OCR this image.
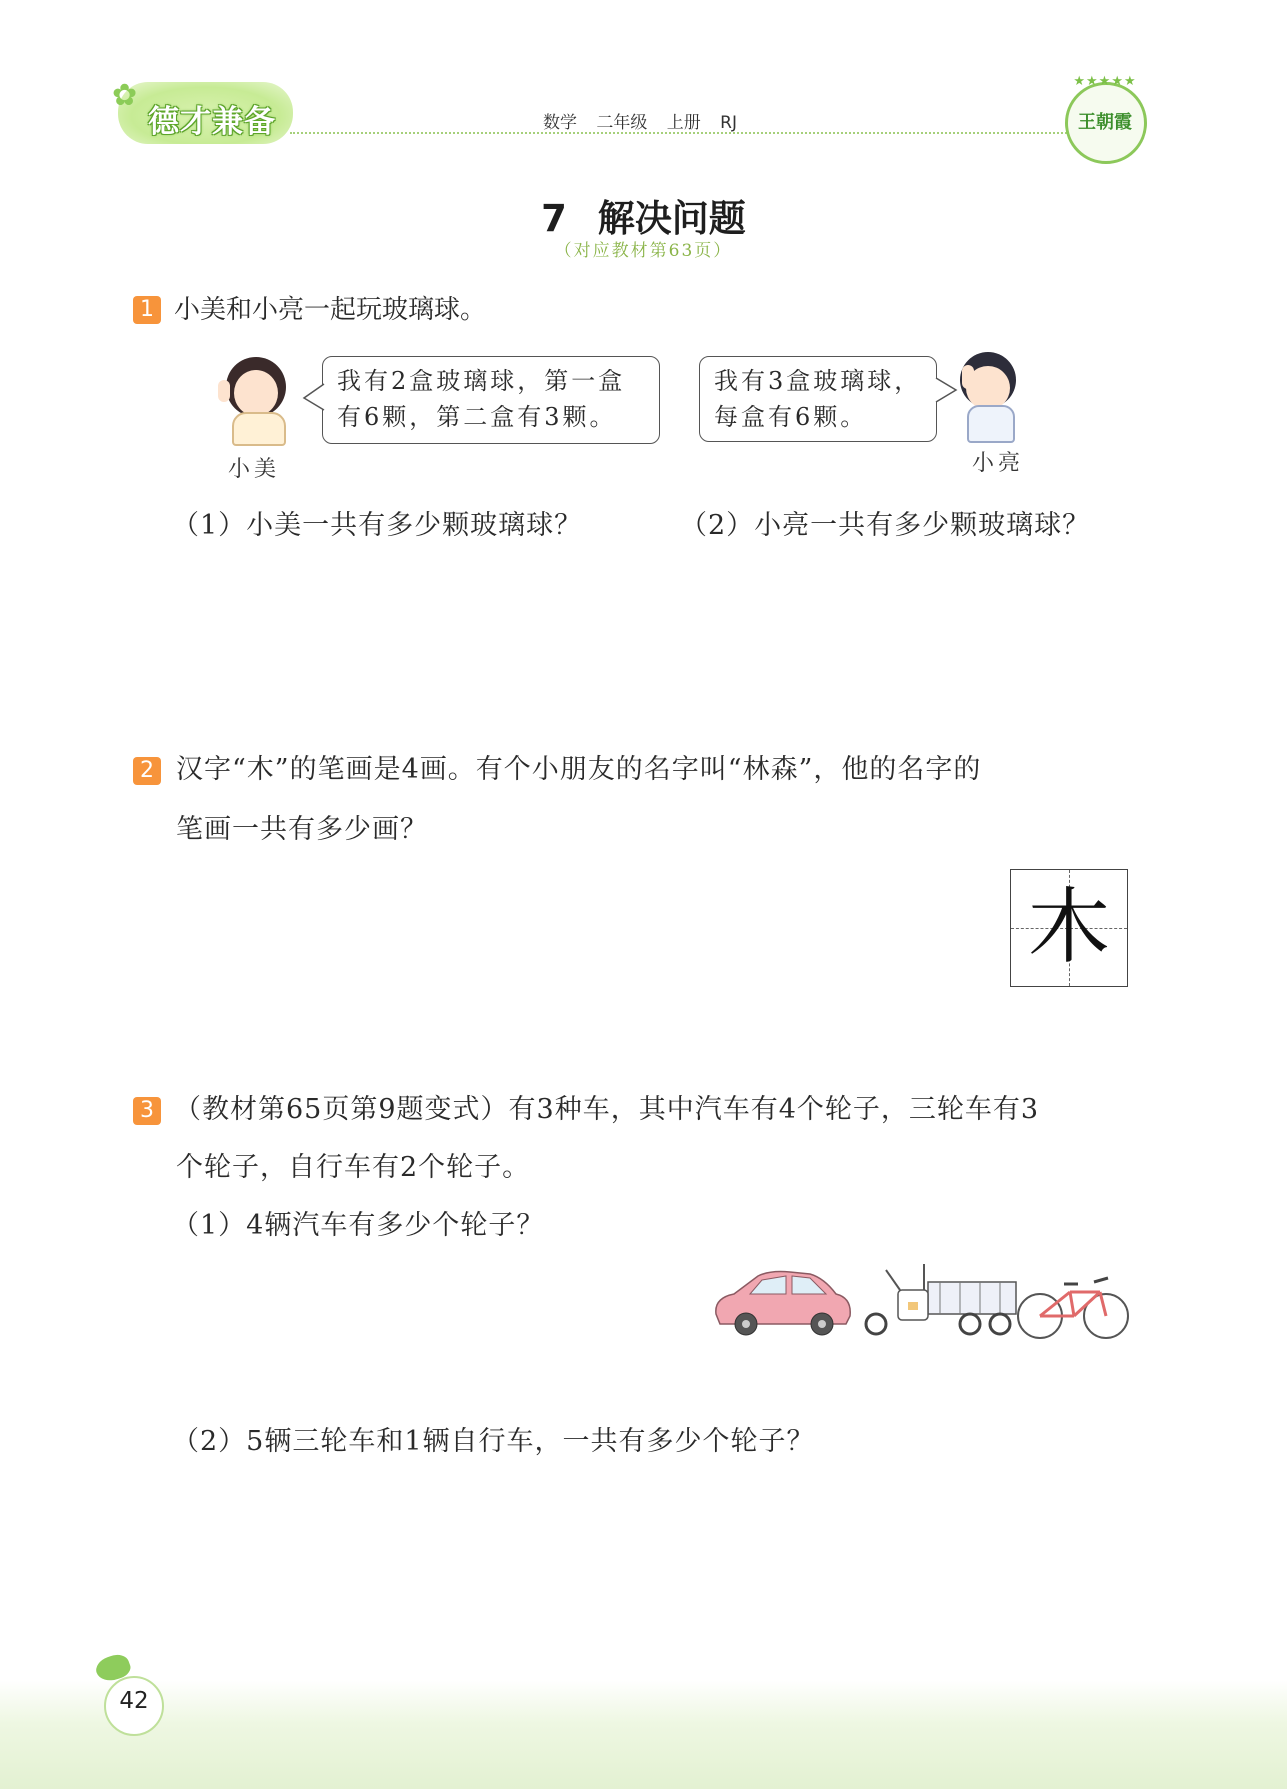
✿
德才兼备	数学 二年级 上册 RJ
★★★★★
王朝霞
7 解决问题
（对应教材第63页）
1 小美和小亮一起玩玻璃球。
小美
我有2盒玻璃球，第一盒
有6颗，第二盒有3颗。
我有3盒玻璃球，
每盒有6颗。
小亮
（1）小美一共有多少颗玻璃球？	（2）小亮一共有多少颗玻璃球？
2 汉字“木”的笔画是4画。有个小朋友的名字叫“林森”，他的名字的
笔画一共有多少画？
木
3 （教材第65页第9题变式）有3种车，其中汽车有4个轮子，三轮车有3
个轮子，自行车有2个轮子。
（1）4辆汽车有多少个轮子？
（2）5辆三轮车和1辆自行车，一共有多少个轮子？
42
